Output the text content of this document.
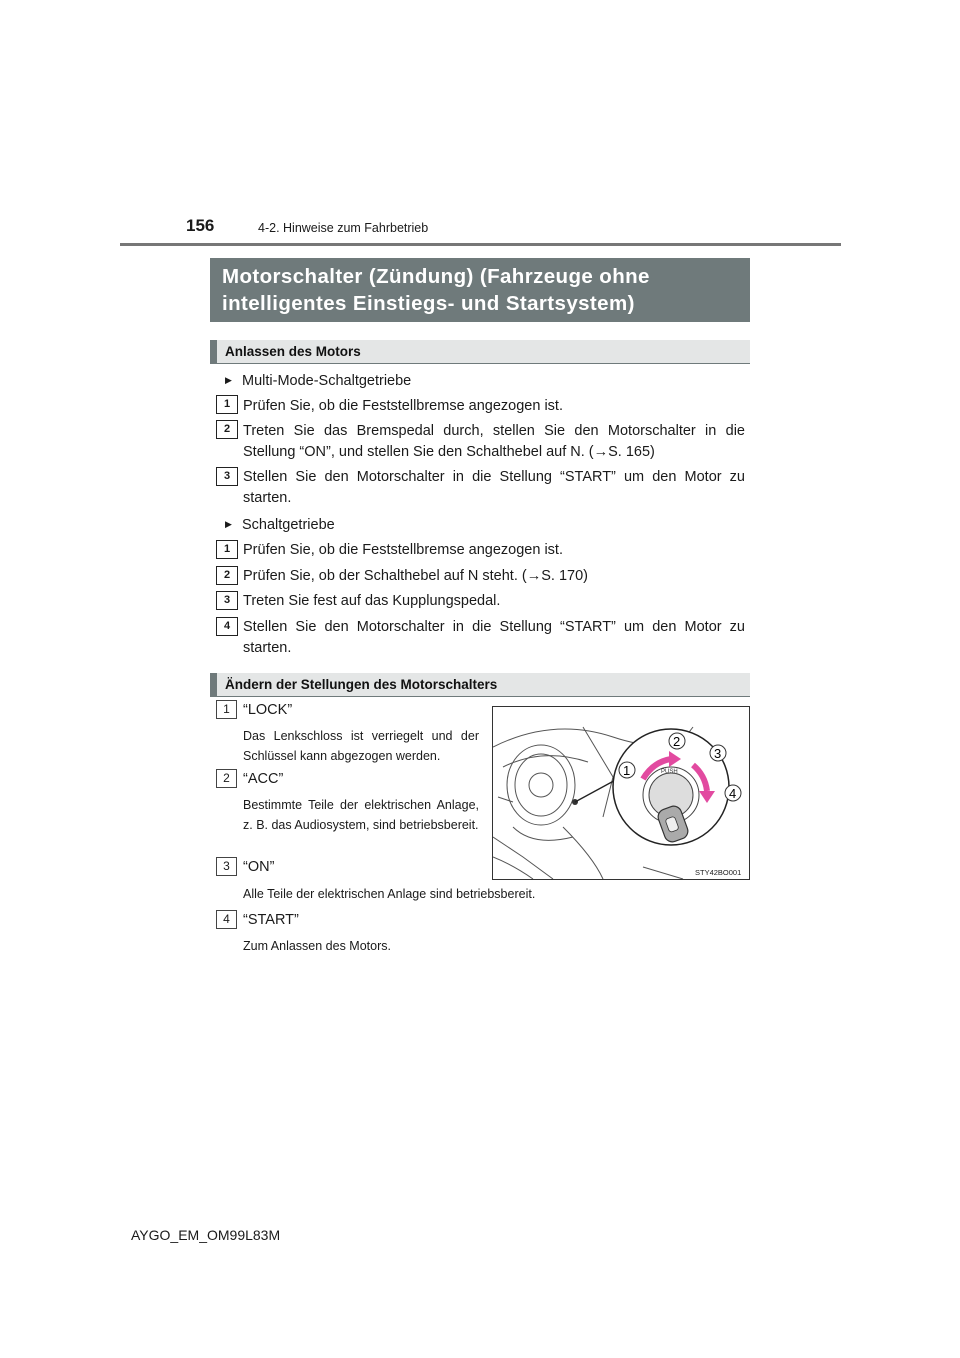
156	4-2. Hinweise zum Fahrbetrieb
Motorschalter (Zündung) (Fahrzeuge ohne
intelligentes Einstiegs- und Startsystem)
Anlassen des Motors
▶ Multi-Mode-Schaltgetriebe
1 Prüfen Sie, ob die Feststellbremse angezogen ist.
2 Treten Sie das Bremspedal durch, stellen Sie den Motorschalter in die Stellung “ON”, und stellen Sie den Schalthebel auf N. (→S. 165)
3 Stellen Sie den Motorschalter in die Stellung “START” um den Motor zu starten.
▶ Schaltgetriebe
1 Prüfen Sie, ob die Feststellbremse angezogen ist.
2 Prüfen Sie, ob der Schalthebel auf N steht. (→S. 170)
3 Treten Sie fest auf das Kupplungspedal.
4 Stellen Sie den Motorschalter in die Stellung “START” um den Motor zu starten.
Ändern der Stellungen des Motorschalters
1 “LOCK”
Das Lenkschloss ist verriegelt und der Schlüssel kann abgezogen werden.
2 “ACC”
Bestimmte Teile der elektrischen Anlage, z. B. das Audiosystem, sind betriebsbereit.
3 “ON”
Alle Teile der elektrischen Anlage sind betriebsbereit.
4 “START”
Zum Anlassen des Motors.
PUSH
1
2
3
4
STY42BO001
AYGO_EM_OM99L83M
